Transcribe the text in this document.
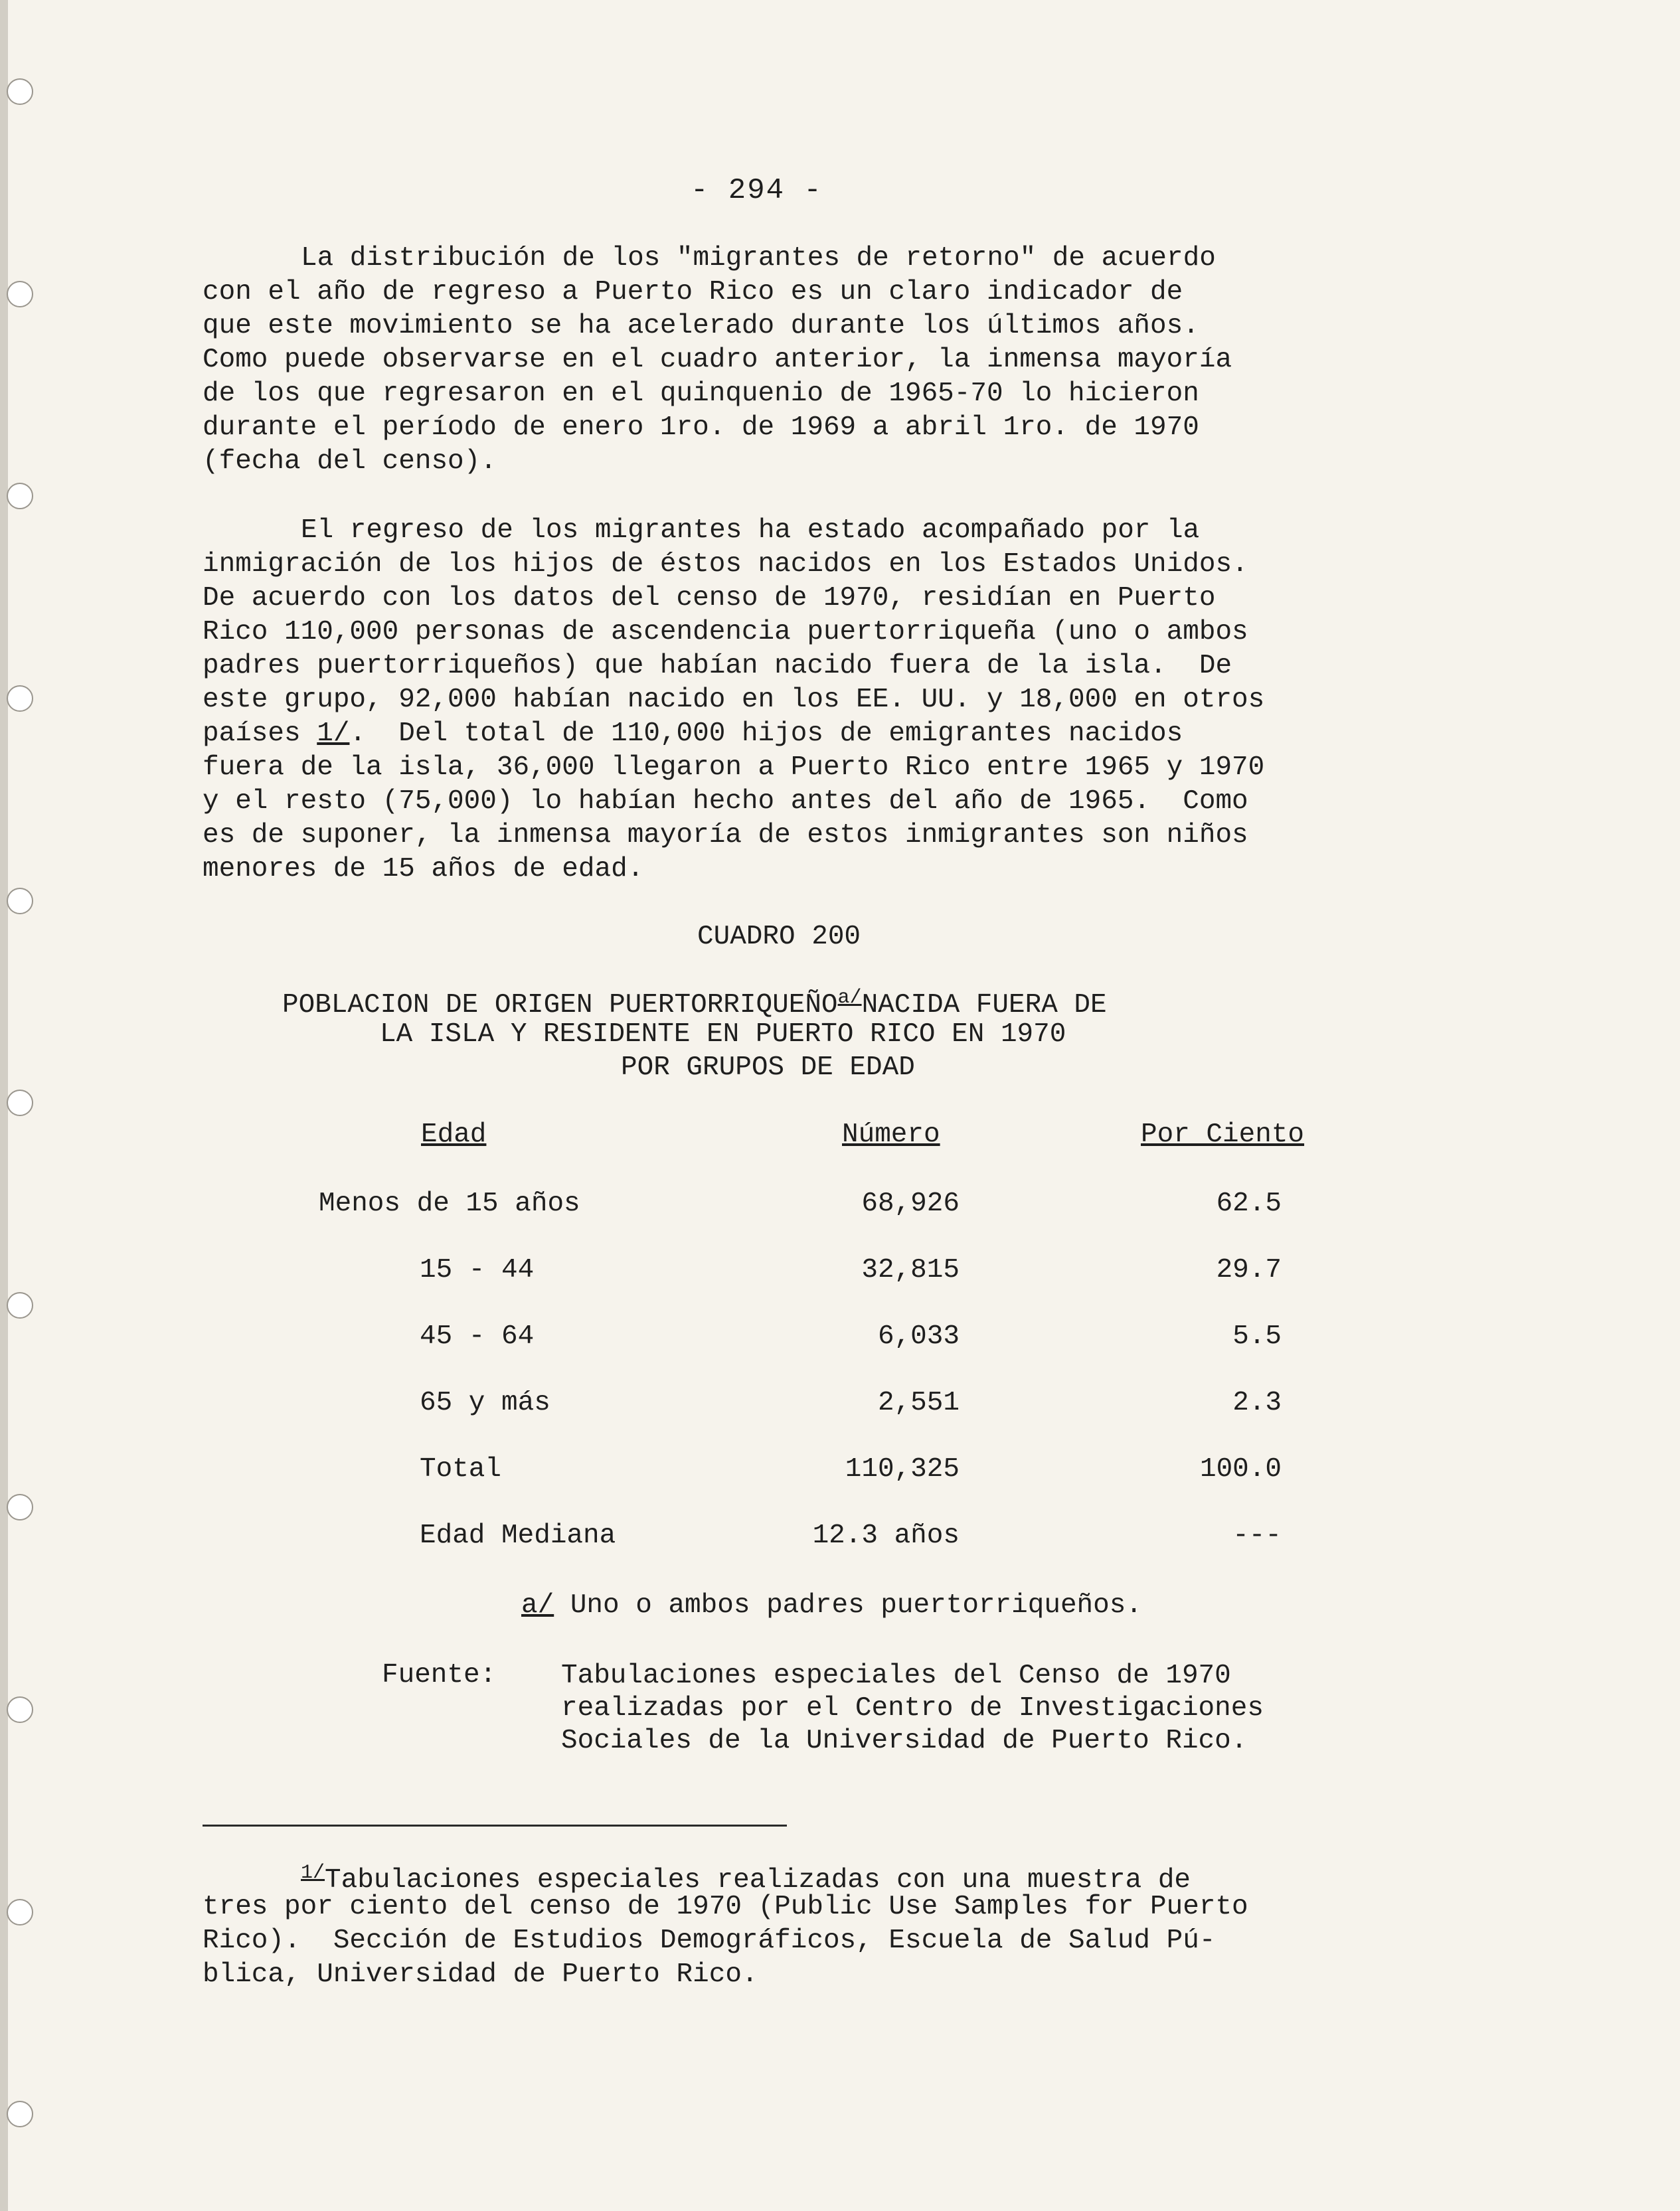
- 294 -
La distribución de los "migrantes de retorno" de acuerdo
con el año de regreso a Puerto Rico es un claro indicador de
que este movimiento se ha acelerado durante los últimos años.
Como puede observarse en el cuadro anterior, la inmensa mayoría
de los que regresaron en el quinquenio de 1965-70 lo hicieron
durante el período de enero 1ro. de 1969 a abril 1ro. de 1970
(fecha del censo).
El regreso de los migrantes ha estado acompañado por la
inmigración de los hijos de éstos nacidos en los Estados Unidos.
De acuerdo con los datos del censo de 1970, residían en Puerto
Rico 110,000 personas de ascendencia puertorriqueña (uno o ambos
padres puertorriqueños) que habían nacido fuera de la isla.  De
este grupo, 92,000 habían nacido en los EE. UU. y 18,000 en otros
países 1/.  Del total de 110,000 hijos de emigrantes nacidos
fuera de la isla, 36,000 llegaron a Puerto Rico entre 1965 y 1970
y el resto (75,000) lo habían hecho antes del año de 1965.  Como
es de suponer, la inmensa mayoría de estos inmigrantes son niños
menores de 15 años de edad.
CUADRO 200
POBLACION DE ORIGEN $PUERTORRIQUEÑO^{a/}NACIDA$ FUERA DE
LA ISLA Y RESIDENTE EN PUERTO RICO EN 1970
POR GRUPOS DE EDAD
Edad	Número	Por Ciento
Menos de 15 años	68,926	62.5
15 - 44	32,815	29.7
45 - 64	6,033	5.5
65 y más	2,551	2.3
Total	110,325	100.0
Edad Mediana	12.3 años	---
a/ Uno o ambos padres puertorriqueños.
Fuente: Tabulaciones especiales del Censo de 1970
realizadas por el Centro de Investigaciones
Sociales de la Universidad de Puerto Rico.
$^{1/}$Tabulaciones especiales realizadas con una muestra de
tres por ciento del censo de 1970 (Public Use Samples for Puerto
Rico).  Sección de Estudios Demográficos, Escuela de Salud Pú-
blica, Universidad de Puerto Rico.
